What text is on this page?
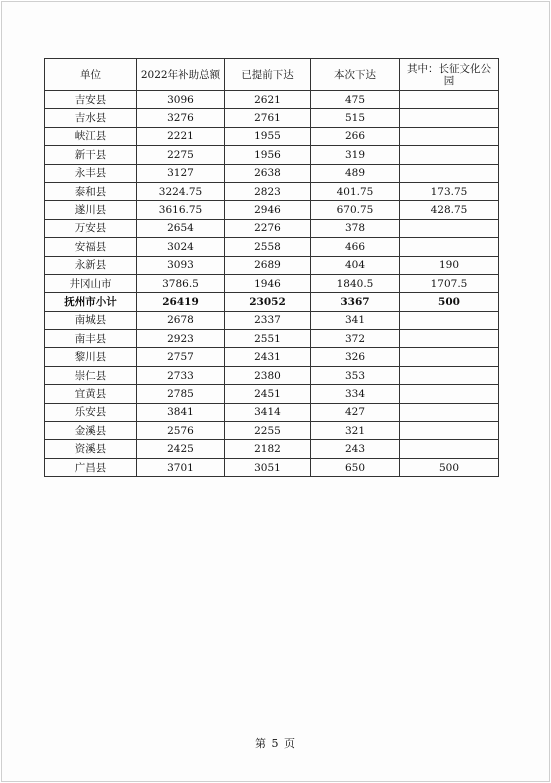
单位	2022年补助总额	已提前下达	本次下达	其中：长征文化公园
吉安县	3096	2621	475	
吉水县	3276	2761	515	
峡江县	2221	1955	266	
新干县	2275	1956	319	
永丰县	3127	2638	489	
泰和县	3224.75	2823	401.75	173.75
遂川县	3616.75	2946	670.75	428.75
万安县	2654	2276	378	
安福县	3024	2558	466	
永新县	3093	2689	404	190
井冈山市	3786.5	1946	1840.5	1707.5
抚州市小计	26419	23052	3367	500
南城县	2678	2337	341	
南丰县	2923	2551	372	
黎川县	2757	2431	326	
崇仁县	2733	2380	353	
宜黄县	2785	2451	334	
乐安县	3841	3414	427	
金溪县	2576	2255	321	
资溪县	2425	2182	243	
广昌县	3701	3051	650	500
第 5 页
